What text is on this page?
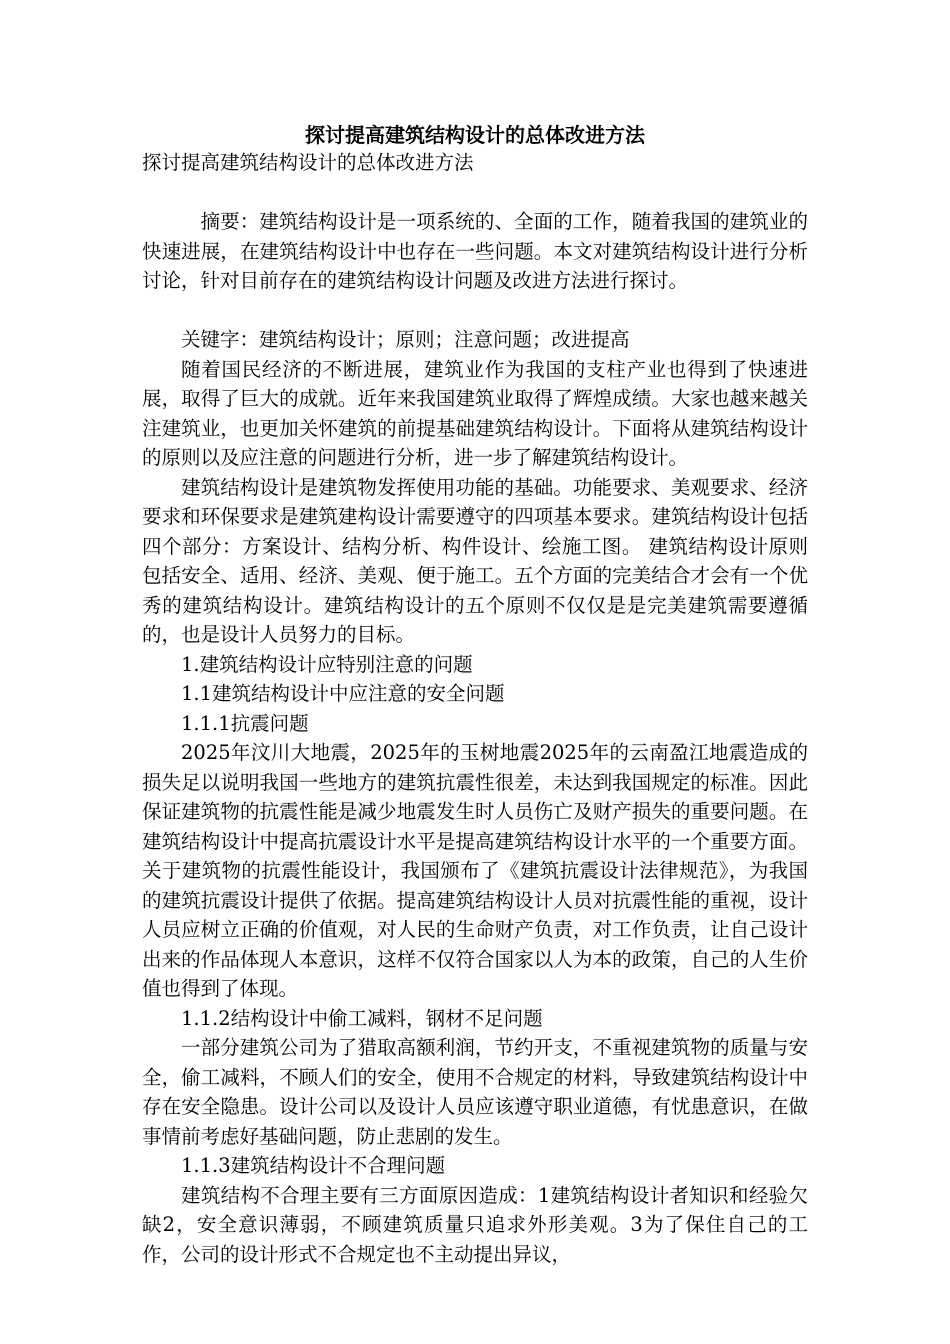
探讨提高建筑结构设计的总体改进方法

探讨提高建筑结构设计的总体改进方法

摘要：建筑结构设计是一项系统的、全面的工作，随着我国的建筑业的快速进展，在建筑结构设计中也存在一些问题。本文对建筑结构设计进行分析讨论，针对目前存在的建筑结构设计问题及改进方法进行探讨。

关键字：建筑结构设计；原则；注意问题；改进提高

随着国民经济的不断进展，建筑业作为我国的支柱产业也得到了快速进展，取得了巨大的成就。近年来我国建筑业取得了辉煌成绩。大家也越来越关注建筑业，也更加关怀建筑的前提基础建筑结构设计。下面将从建筑结构设计的原则以及应注意的问题进行分析，进一步了解建筑结构设计。

建筑结构设计是建筑物发挥使用功能的基础。功能要求、美观要求、经济要求和环保要求是建筑建构设计需要遵守的四项基本要求。建筑结构设计包括四个部分：方案设计、结构分析、构件设计、绘施工图。 建筑结构设计原则包括安全、适用、经济、美观、便于施工。五个方面的完美结合才会有一个优秀的建筑结构设计。建筑结构设计的五个原则不仅仅是是完美建筑需要遵循的，也是设计人员努力的目标。

1.建筑结构设计应特别注意的问题

1.1建筑结构设计中应注意的安全问题

1.1.1抗震问题

2025年汶川大地震，2025年的玉树地震2025年的云南盈江地震造成的损失足以说明我国一些地方的建筑抗震性很差，未达到我国规定的标准。因此保证建筑物的抗震性能是减少地震发生时人员伤亡及财产损失的重要问题。在建筑结构设计中提高抗震设计水平是提高建筑结构设计水平的一个重要方面。关于建筑物的抗震性能设计，我国颁布了《建筑抗震设计法律规范》，为我国的建筑抗震设计提供了依据。提高建筑结构设计人员对抗震性能的重视，设计人员应树立正确的价值观，对人民的生命财产负责，对工作负责，让自己设计出来的作品体现人本意识，这样不仅符合国家以人为本的政策，自己的人生价值也得到了体现。

1.1.2结构设计中偷工减料，钢材不足问题

一部分建筑公司为了猎取高额利润，节约开支，不重视建筑物的质量与安全，偷工减料，不顾人们的安全，使用不合规定的材料，导致建筑结构设计中存在安全隐患。设计公司以及设计人员应该遵守职业道德，有忧患意识，在做事情前考虑好基础问题，防止悲剧的发生。

1.1.3建筑结构设计不合理问题

建筑结构不合理主要有三方面原因造成：1建筑结构设计者知识和经验欠缺2，安全意识薄弱，不顾建筑质量只追求外形美观。3为了保住自己的工作，公司的设计形式不合规定也不主动提出异议，
